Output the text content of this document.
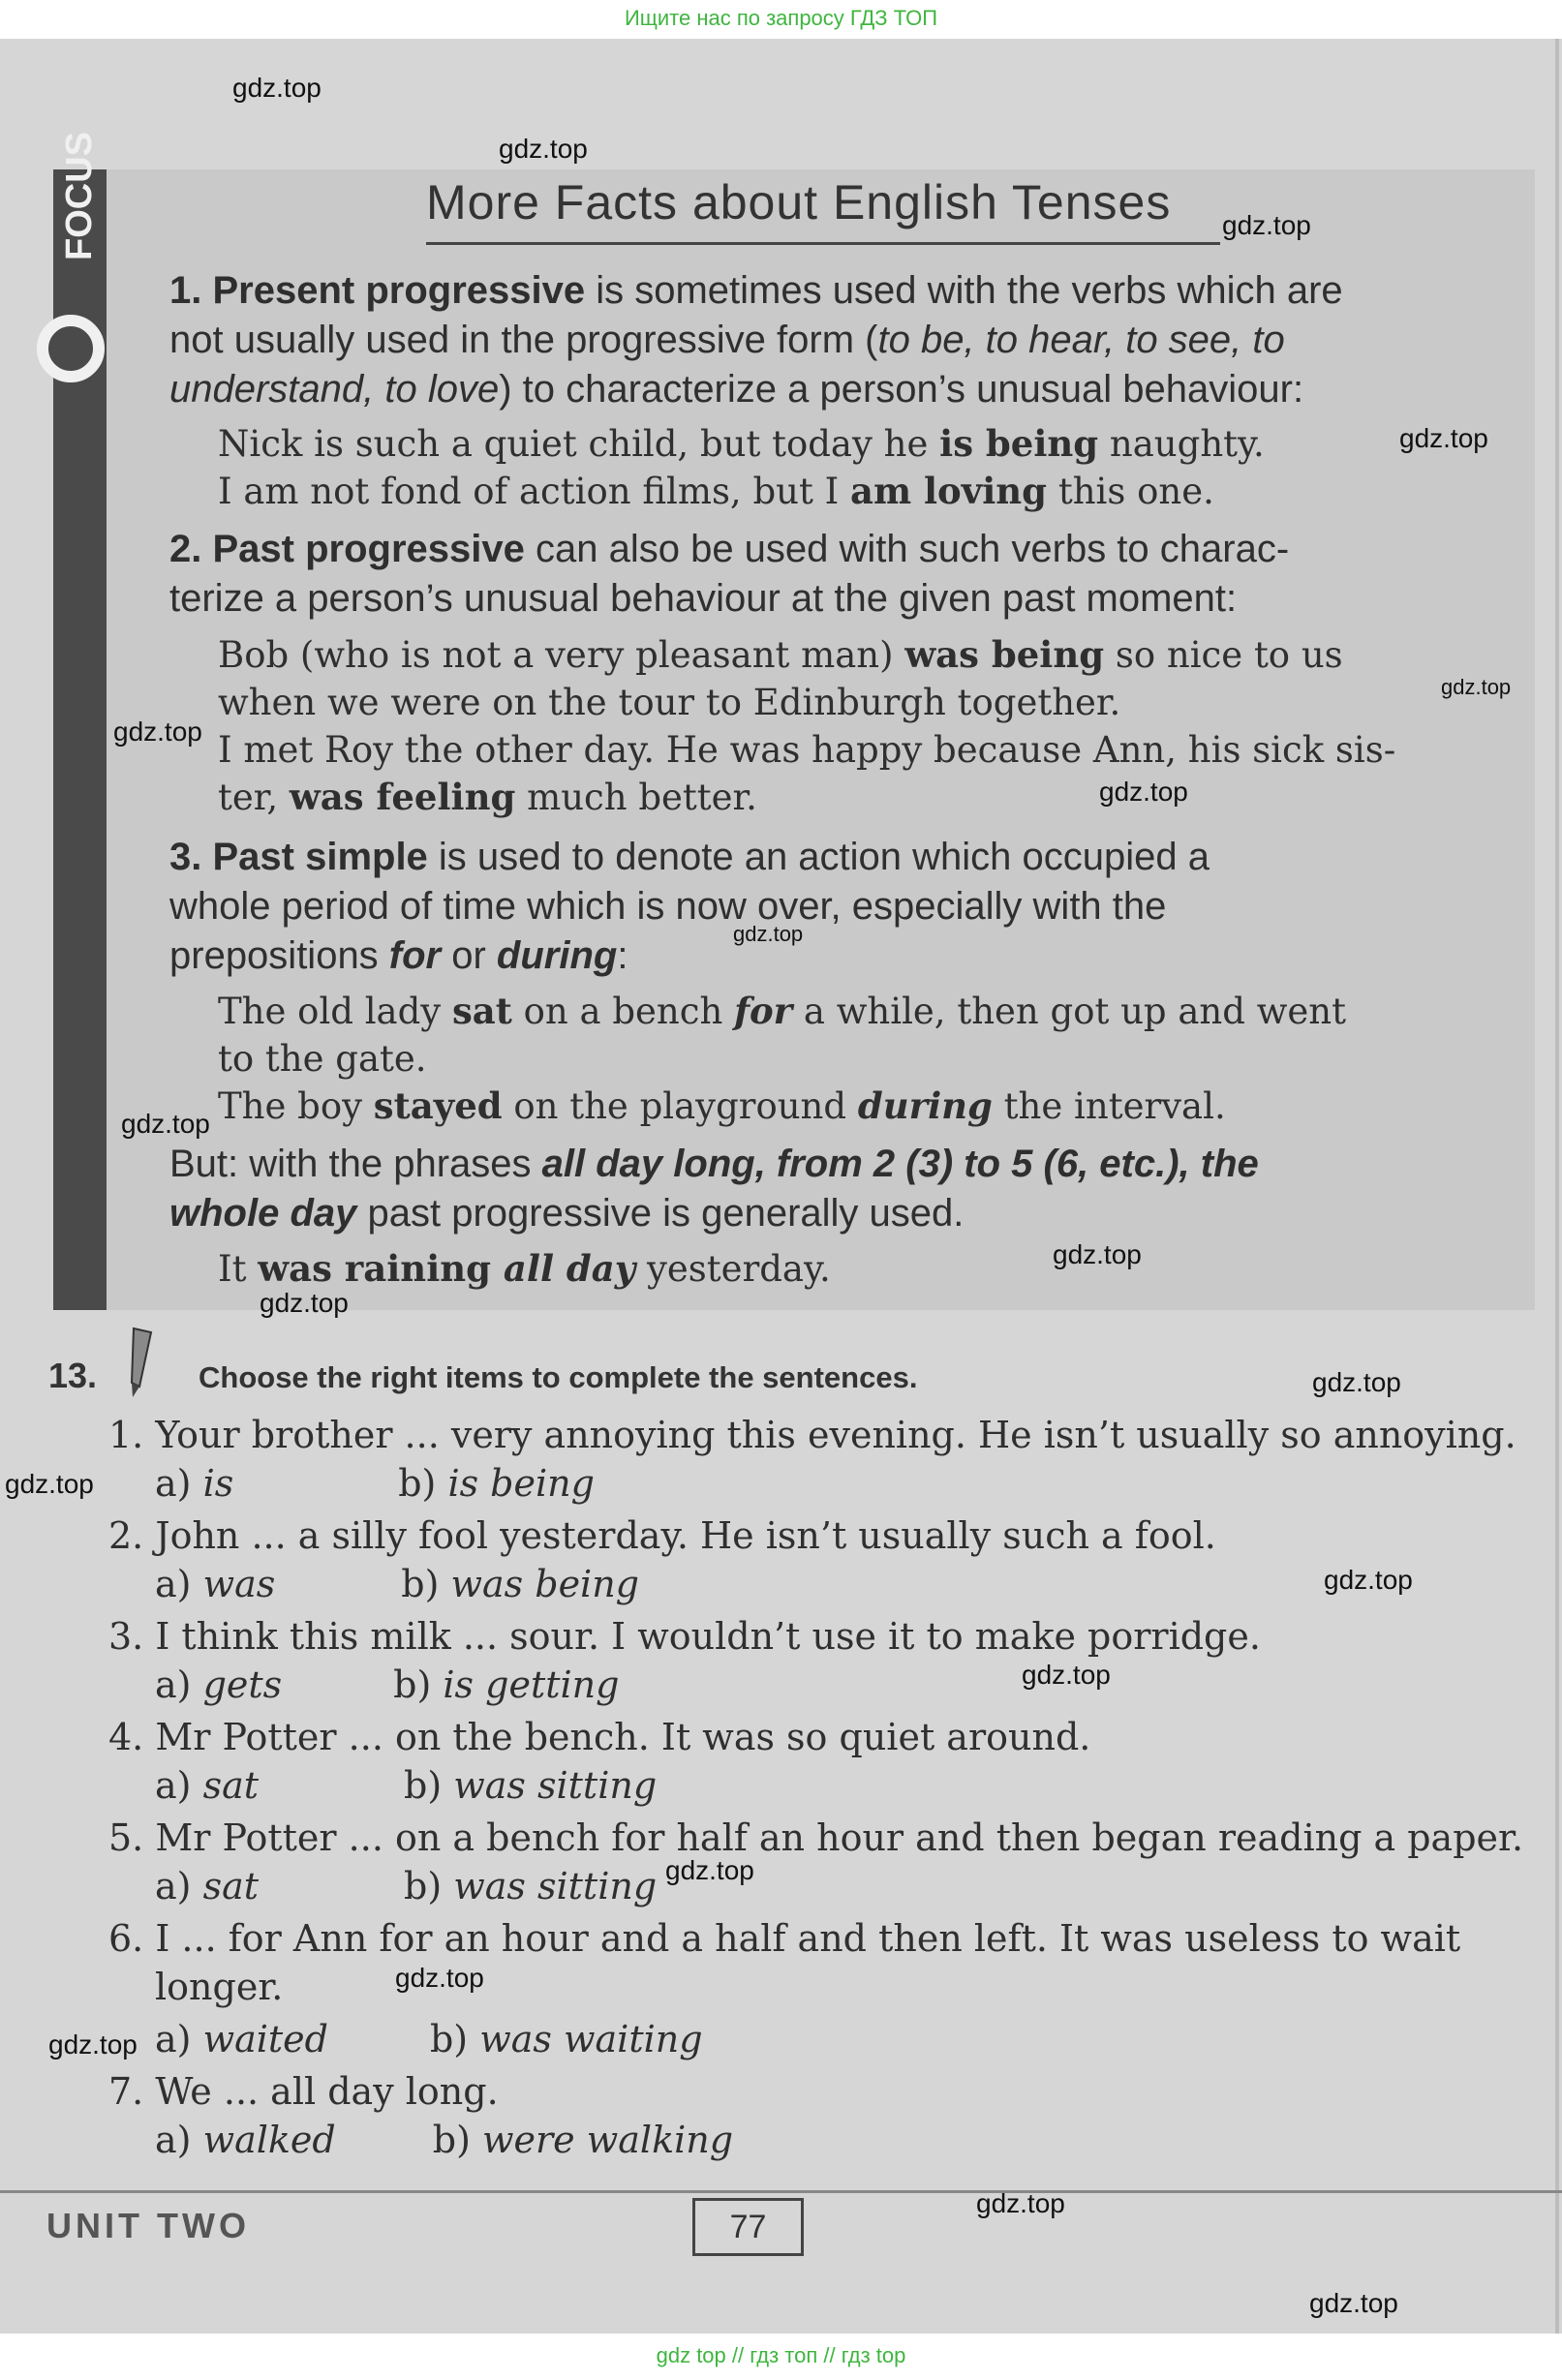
Ищите нас по запросу ГДЗ ТОП
FOCUS	More Facts about English Tenses
1. Present progressive is sometimes used with the verbs which are
not usually used in the progressive form (to be, to hear, to see, to
understand, to love) to characterize a person’s unusual behaviour:
Nick is such a quiet child, but today he is being naughty.
I am not fond of action films, but I am loving this one.
2. Past progressive can also be used with such verbs to charac-
terize a person’s unusual behaviour at the given past moment:
Bob (who is not a very pleasant man) was being so nice to us
when we were on the tour to Edinburgh together.
I met Roy the other day. He was happy because Ann, his sick sis-
ter, was feeling much better.
3. Past simple is used to denote an action which occupied a
whole period of time which is now over, especially with the
prepositions for or during:
The old lady sat on a bench for a while, then got up and went
to the gate.
The boy stayed on the playground during the interval.
But: with the phrases all day long, from 2 (3) to 5 (6, etc.), the
whole day past progressive is generally used.
It was raining all day yesterday.
13.	Choose the right items to complete the sentences.
1. Your brother ... very annoying this evening. He isn’t usually so annoying.
a) is	b) is being
2. John ... a silly fool yesterday. He isn’t usually such a fool.
a) was	b) was being
3. I think this milk ... sour. I wouldn’t use it to make porridge.
a) gets	b) is getting
4. Mr Potter ... on the bench. It was so quiet around.
a) sat	b) was sitting
5. Mr Potter ... on a bench for half an hour and then began reading a paper.
a) sat	b) was sitting
6. I ... for Ann for an hour and a half and then left. It was useless to wait
longer.
a) waited	b) was waiting
7. We ... all day long.
a) walked	b) were walking
UNIT TWO	77
gdz.top
gdz.top
gdz.top
gdz.top
gdz.top
gdz.top
gdz.top
gdz.top
gdz.top
gdz.top
gdz.top
gdz.top
gdz.top
gdz.top
gdz.top
gdz.top
gdz.top
gdz.top
gdz.top
gdz.top
gdz top // гдз топ // гдз top
